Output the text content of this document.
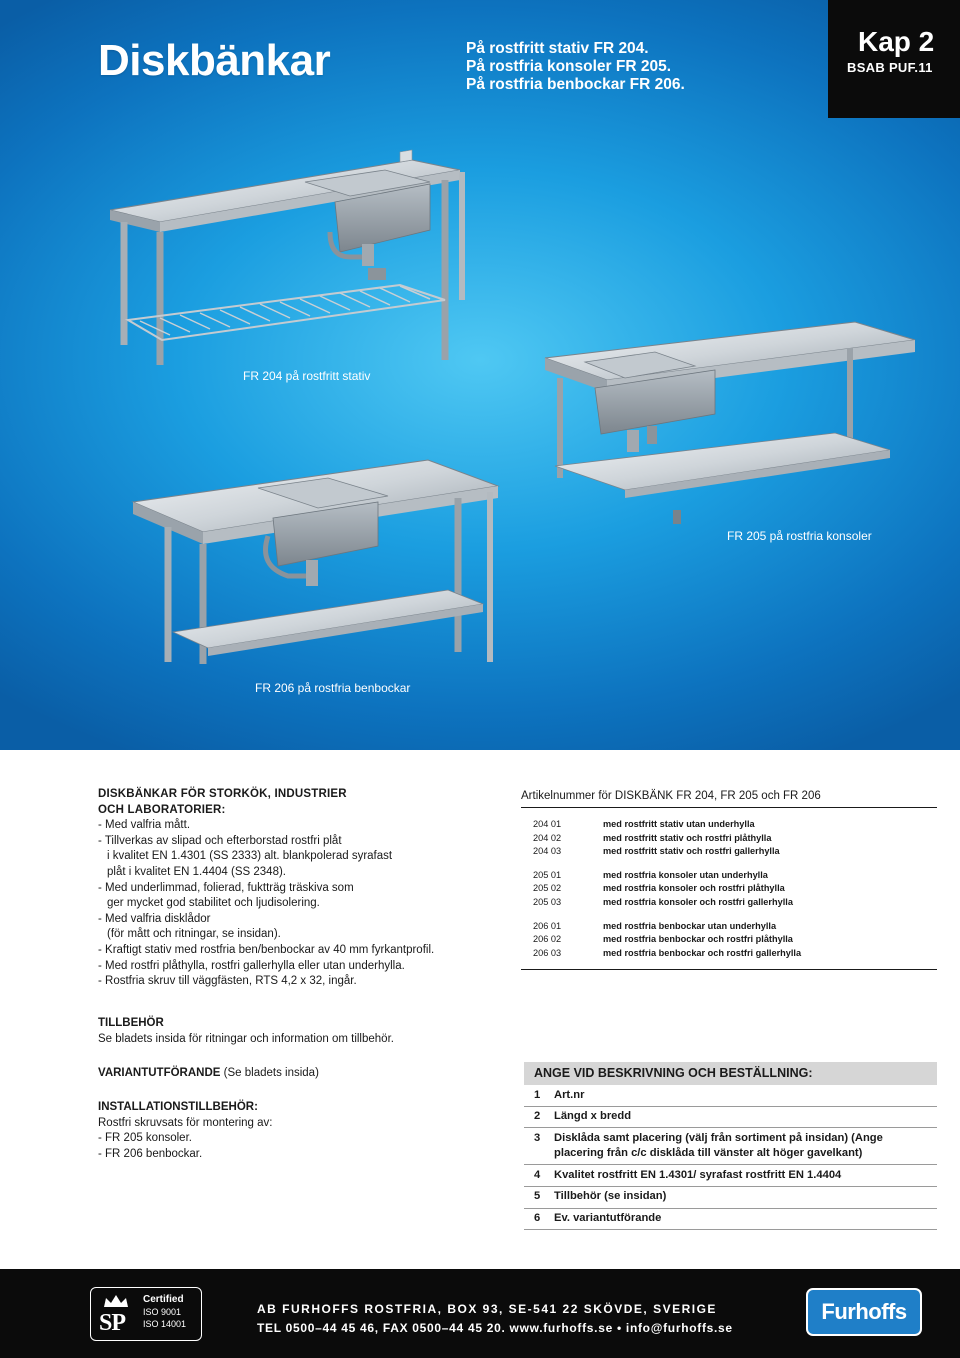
Diskbänkar	På rostfritt stativ FR 204.
På rostfria konsoler FR 205.
På rostfria benbockar FR 206.
Kap 2
BSAB PUF.11
FR 204 på rostfritt stativ
FR 205 på rostfria konsoler
FR 206 på rostfria benbockar
DISKBÄNKAR FÖR STORKÖK, INDUSTRIER
OCH LABORATORIER:
- Med valfria mått.
- Tillverkas av slipad och efterborstad rostfri plåt
i kvalitet EN 1.4301 (SS 2333) alt. blankpolerad syrafast
plåt i kvalitet EN 1.4404 (SS 2348).
- Med underlimmad, folierad, fuktträg träskiva som
ger mycket god stabilitet och ljudisolering.
- Med valfria disklådor
(för mått och ritningar, se insidan).
- Kraftigt stativ med rostfria ben/benbockar av 40 mm fyrkantprofil.
- Med rostfri plåthylla, rostfri gallerhylla eller utan underhylla.
- Rostfria skruv till väggfästen, RTS 4,2 x 32, ingår.
Artikelnummer för DISKBÄNK FR 204, FR 205 och FR 206
204 01	med rostfritt stativ utan underhylla
204 02	med rostfritt stativ och rostfri plåthylla
204 03	med rostfritt stativ och rostfri gallerhylla
205 01	med rostfria konsoler utan underhylla
205 02	med rostfria konsoler och rostfri plåthylla
205 03	med rostfria konsoler och rostfri gallerhylla
206 01	med rostfria benbockar utan underhylla
206 02	med rostfria benbockar och rostfri plåthylla
206 03	med rostfria benbockar och rostfri gallerhylla
TILLBEHÖR
Se bladets insida för ritningar och information om tillbehör.
VARIANTUTFÖRANDE (Se bladets insida)
INSTALLATIONSTILLBEHÖR:
Rostfri skruvsats för montering av:
- FR 205 konsoler.
- FR 206 benbockar.
ANGE VID BESKRIVNING OCH BESTÄLLNING:
1	Art.nr
2	Längd x bredd
3	Disklåda samt placering (välj från sortiment på insidan) (Ange placering från c/c disklåda till vänster alt höger gavelkant)
4	Kvalitet rostfritt EN 1.4301/ syrafast rostfritt EN 1.4404
5	Tillbehör (se insidan)
6	Ev. variantutförande
SP
Certified
ISO 9001
ISO 14001
AB FURHOFFS ROSTFRIA, BOX 93, SE-541 22 SKÖVDE, SVERIGE
TEL 0500–44 45 46, FAX 0500–44 45 20. www.furhoffs.se • info@furhoffs.se
Furhoffs
